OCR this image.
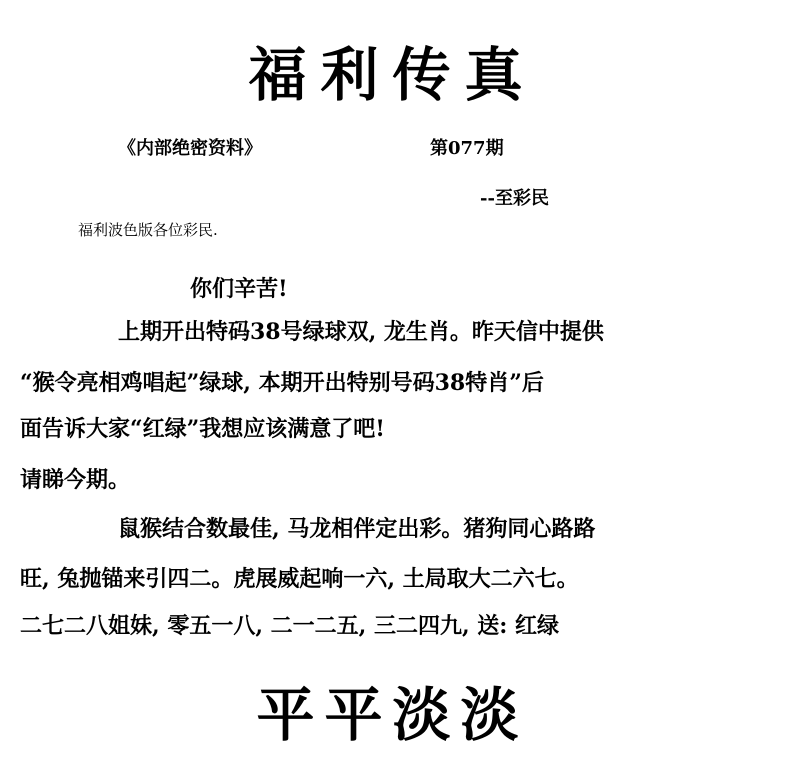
福利传真
《内部绝密资料》	第077期
--至彩民
福利波色版各位彩民.
你们辛苦!
上期开出特码38号绿球双, 龙生肖。昨天信中提供
“猴令亮相鸡唱起”绿球, 本期开出特别号码38特肖”后
面告诉大家“红绿”我想应该满意了吧!
请睇今期。
鼠猴结合数最佳, 马龙相伴定出彩。猪狗同心路路
旺, 兔抛锚来引四二。虎展威起响一六, 土局取大二六七。
二七二八姐妹, 零五一八, 二一二五, 三二四九, 送: 红绿
平平淡淡
